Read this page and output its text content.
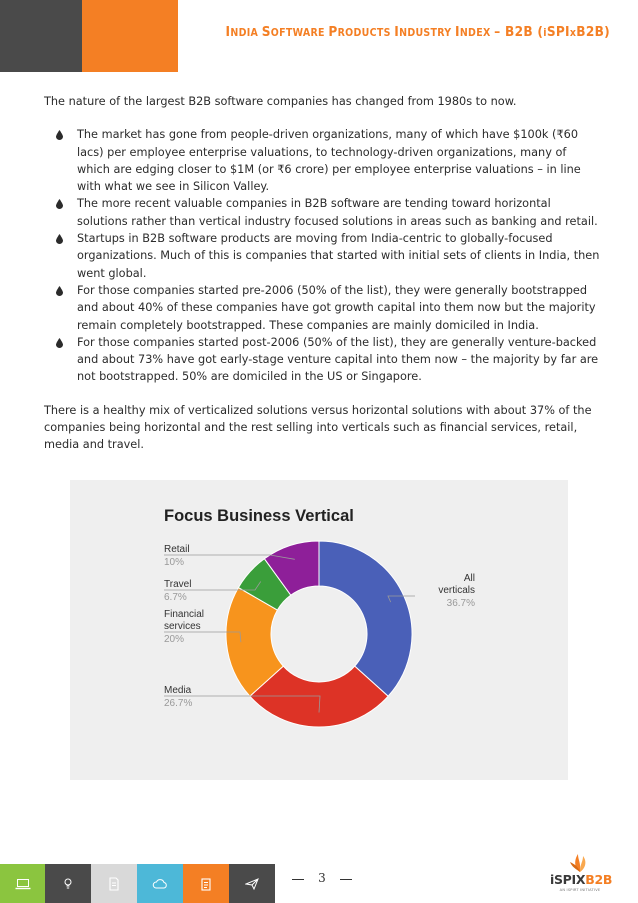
INDIA SOFTWARE PRODUCTS INDUSTRY INDEX – B2B (iSPIxB2B)

The nature of the largest B2B software companies has changed from 1980s to now.

The market has gone from people-driven organizations, many of which have $100k (₹60 lacs) per employee enterprise valuations, to technology-driven organizations, many of which are edging closer to $1M (or ₹6 crore) per employee enterprise valuations – in line with what we see in Silicon Valley.
The more recent valuable companies in B2B software are tending toward horizontal solutions rather than vertical industry focused solutions in areas such as banking and retail.
Startups in B2B software products are moving from India-centric to globally-focused organizations. Much of this is companies that started with initial sets of clients in India, then went global.
For those companies started pre-2006 (50% of the list), they were generally bootstrapped and about 40% of these companies have got growth capital into them now but the majority remain completely bootstrapped. These companies are mainly domiciled in India.
For those companies started post-2006 (50% of the list), they are generally venture-backed and about 73% have got early-stage venture capital into them now – the majority by far are not bootstrapped. 50% are domiciled in the US or Singapore.

There is a healthy mix of verticalized solutions versus horizontal solutions with about 37% of the companies being horizontal and the rest selling into verticals such as financial services, retail, media and travel.

Focus Business Vertical
All
verticals
36.7%
Media
26.7%
Financial
services
20%
Travel
6.7%
Retail
10%
3	iSPIXB2B
AN ISPIRT INITIATIVE
